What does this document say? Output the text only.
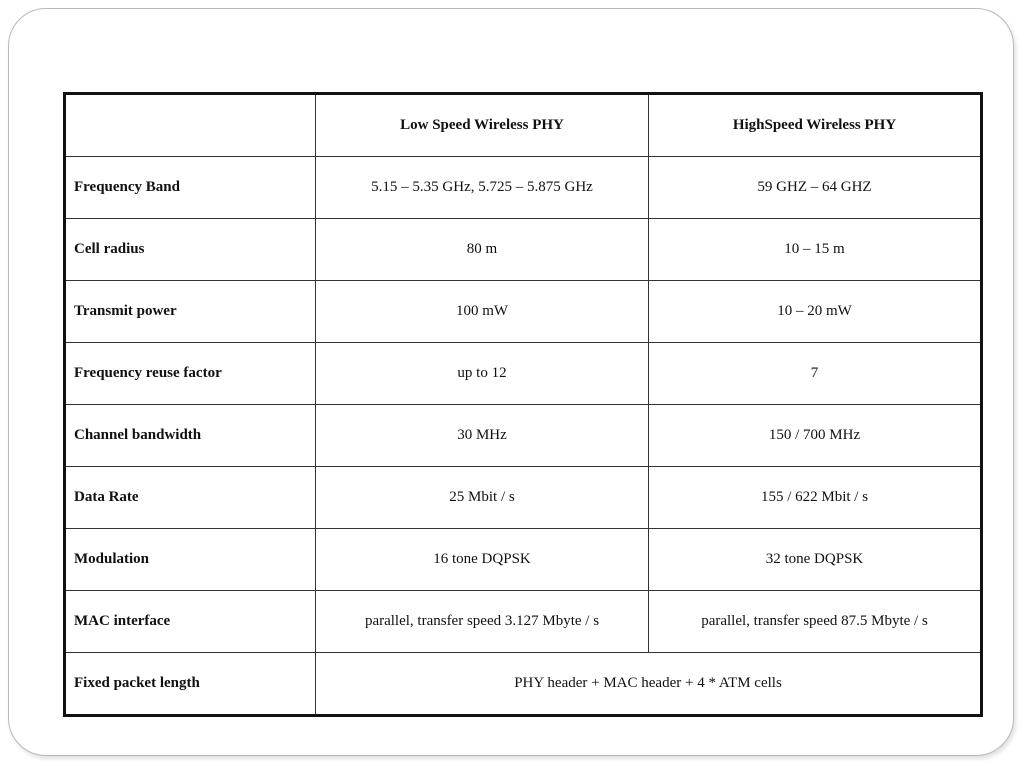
	Low Speed Wireless PHY	HighSpeed Wireless PHY
Frequency Band	5.15 – 5.35 GHz, 5.725 – 5.875 GHz	59 GHZ – 64 GHZ
Cell radius	80 m	10 – 15 m
Transmit power	100 mW	10 – 20 mW
Frequency reuse factor	up to 12	7
Channel bandwidth	30 MHz	150 / 700 MHz
Data Rate	25 Mbit / s	155 / 622 Mbit / s
Modulation	16 tone DQPSK	32 tone DQPSK
MAC interface	parallel, transfer speed 3.127 Mbyte / s	parallel, transfer speed 87.5 Mbyte / s
Fixed packet length	PHY header + MAC header + 4 * ATM cells	
